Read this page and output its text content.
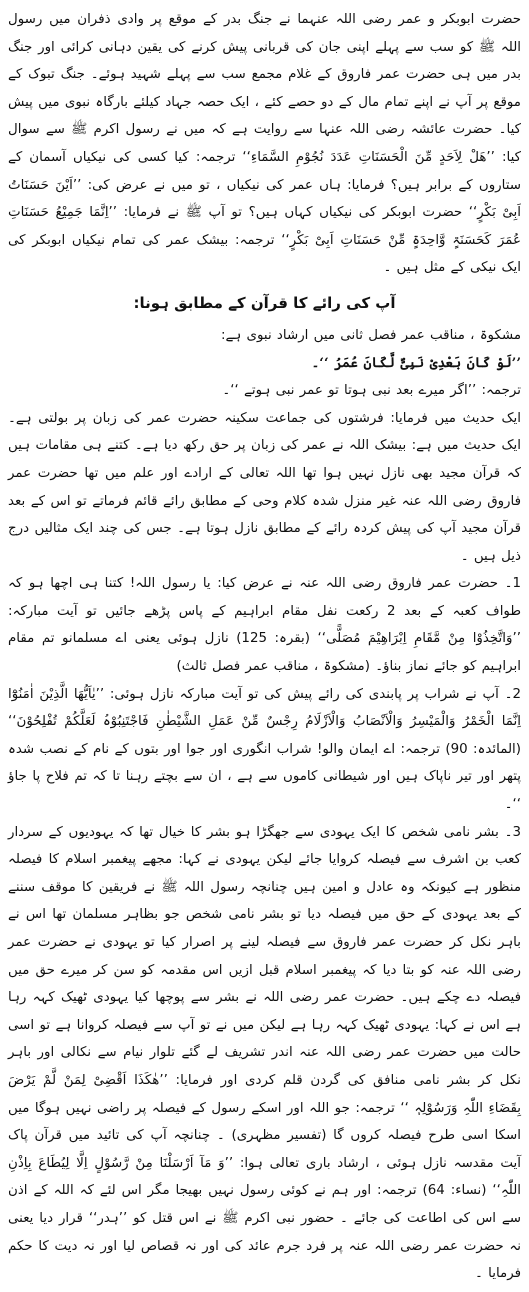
حضرت ابوبکر و عمر رضی اللہ عنہما نے جنگ بدر کے موقع پر وادی ذفران میں رسول اللہ ﷺ کو سب سے پہلے اپنی جان کی قربانی پیش کرنے کی یقین دہانی کرائی اور جنگ بدر میں ہی حضرت عمر فاروق کے غلام مجمع سب سے پہلے شہید ہوئے۔ جنگ تبوک کے موقع پر آپ نے اپنے تمام مال کے دو حصے کئے ، ایک حصہ جہاد کیلئے بارگاہ نبوی میں پیش کیا۔ حضرت عائشہ رضی اللہ عنہا سے روایت ہے کہ میں نے رسول اکرم ﷺ سے سوال کیا: ’’ھَلْ لِاَحَدٍ مِّنَ الْحَسَنَاتِ عَدَدَ نُجُوْمِ السَّمَاءِ‘‘ ترجمہ: کیا کسی کی نیکیاں آسمان کے ستاروں کے برابر ہیں؟ فرمایا: ہاں عمر کی نیکیاں ، تو میں نے عرض کی: ’’اَیْنَ حَسَنَاتُ اَبِیْ بَکْرٍ‘‘ حضرت ابوبکر کی نیکیاں کہاں ہیں؟ تو آپ ﷺ نے فرمایا: ’’اِنَّمَا جَمِیْعُ حَسَنَاتِ عُمَرَ کَحَسَنَۃٍ وَّاحِدَۃٍ مِّنْ حَسَنَاتِ اَبِیْ بَکْرٍ‘‘ ترجمہ: بیشک عمر کی تمام نیکیاں ابوبکر کی ایک نیکی کے مثل ہیں ۔

آپ کی رائے کا قرآن کے مطابق ہونا:

مشکوۃ ، مناقب عمر فصل ثانی میں ارشاد نبوی ہے:

’’لَوْ کَانَ بَعْدِیْ نَبِیٌّ لَّکَانَ عُمَرُ ‘‘۔

ترجمہ: ’’اگر میرے بعد نبی ہوتا تو عمر نبی ہوتے ‘‘۔

ایک حدیث میں فرمایا: فرشتوں کی جماعت سکینہ حضرت عمر کی زبان پر بولتی ہے۔ ایک حدیث میں ہے: بیشک اللہ نے عمر کی زبان پر حق رکھ دیا ہے۔ کتنے ہی مقامات ہیں کہ قرآن مجید بھی نازل نہیں ہوا تھا اللہ تعالی کے ارادے اور علم میں تھا حضرت عمر فاروق رضی اللہ عنہ غیر منزل شدہ کلام وحی کے مطابق رائے قائم فرماتے تو اس کے بعد قرآن مجید آپ کی پیش کردہ رائے کے مطابق نازل ہوتا ہے۔ جس کی چند ایک مثالیں درج ذیل ہیں ۔

1۔ حضرت عمر فاروق رضی اللہ عنہ نے عرض کیا: یا رسول اللہ! کتنا ہی اچھا ہو کہ طواف کعبہ کے بعد 2 رکعت نفل مقام ابراہیم کے پاس پڑھے جائیں تو آیت مبارکہ: ’’وَاتَّخِذُوْا مِنْ مَّقَامِ اِبْرَاھِیْمَ مُصَلًّی‘‘ (بقرہ: 125) نازل ہوئی یعنی اے مسلمانو تم مقام ابراہیم کو جائے نماز بناؤ۔ (مشکوۃ ، مناقب عمر فصل ثالث)

2۔ آپ نے شراب پر پابندی کی رائے پیش کی تو آیت مبارکہ نازل ہوئی: ’’یٰاَیُّھَا الَّذِیْنَ اٰمَنُوْٓا اِنَّمَا الْخَمْرُ وَالْمَیْسِرُ وَالْاَنْصَابُ وَالْاَزْلَامُ رِجْسٌ مِّنْ عَمَلِ الشَّیْطٰنِ فَاجْتَنِبُوْہُ لَعَلَّکُمْ تُفْلِحُوْنَ‘‘ (المائدہ: 90) ترجمہ: اے ایمان والو! شراب انگوری اور جوا اور بتوں کے نام کے نصب شدہ پتھر اور تیر ناپاک ہیں اور شیطانی کاموں سے ہے ، ان سے بچتے رہنا تا کہ تم فلاح پا جاؤ ‘‘۔

3۔ بشر نامی شخص کا ایک یہودی سے جھگڑا ہو بشر کا خیال تھا کہ یہودیوں کے سردار کعب بن اشرف سے فیصلہ کروایا جائے لیکن یہودی نے کہا: مجھے پیغمبر اسلام کا فیصلہ منظور ہے کیونکہ وہ عادل و امین ہیں چنانچہ رسول اللہ ﷺ نے فریقین کا موقف سننے کے بعد یہودی کے حق میں فیصلہ دیا تو بشر نامی شخص جو بظاہر مسلمان تھا اس نے باہر نکل کر حضرت عمر فاروق سے فیصلہ لینے پر اصرار کیا تو یہودی نے حضرت عمر رضی اللہ عنہ کو بتا دیا کہ پیغمبر اسلام قبل ازیں اس مقدمہ کو سن کر میرے حق میں فیصلہ دے چکے ہیں۔ حضرت عمر رضی اللہ نے بشر سے پوچھا کیا یہودی ٹھیک کہہ رہا ہے اس نے کہا: یہودی ٹھیک کہہ رہا ہے لیکن میں نے تو آپ سے فیصلہ کروانا ہے تو اسی حالت میں حضرت عمر رضی اللہ عنہ اندر تشریف لے گئے تلوار نیام سے نکالی اور باہر نکل کر بشر نامی منافق کی گردن قلم کردی اور فرمایا: ’’ھٰکَذَا اَقْضِیْ لِمَنْ لَّمْ یَرْضَ بِقَضَاءِ اللّٰہِ وَرَسُوْلِہٖ ‘‘ ترجمہ: جو اللہ اور اسکے رسول کے فیصلہ پر راضی نہیں ہوگا میں اسکا اسی طرح فیصلہ کروں گا (تفسیر مظہری) ۔ چنانچہ آپ کی تائید میں قرآن پاک آیت مقدسہ نازل ہوئی ، ارشاد باری تعالی ہوا: ’’وَ مَآ اَرْسَلْنَا مِنْ رَّسُوْلٍ اِلَّا لِیُطَاعَ بِاِذْنِ اللّٰہِ‘‘ (نساء: 64) ترجمہ: اور ہم نے کوئی رسول نہیں بھیجا مگر اس لئے کہ اللہ کے اذن سے اس کی اطاعت کی جائے ۔ حضور نبی اکرم ﷺ نے اس قتل کو ’’ہدر‘‘ قرار دیا یعنی نہ حضرت عمر رضی اللہ عنہ پر فرد جرم عائد کی اور نہ قصاص لیا اور نہ دیت کا حکم فرمایا ۔
